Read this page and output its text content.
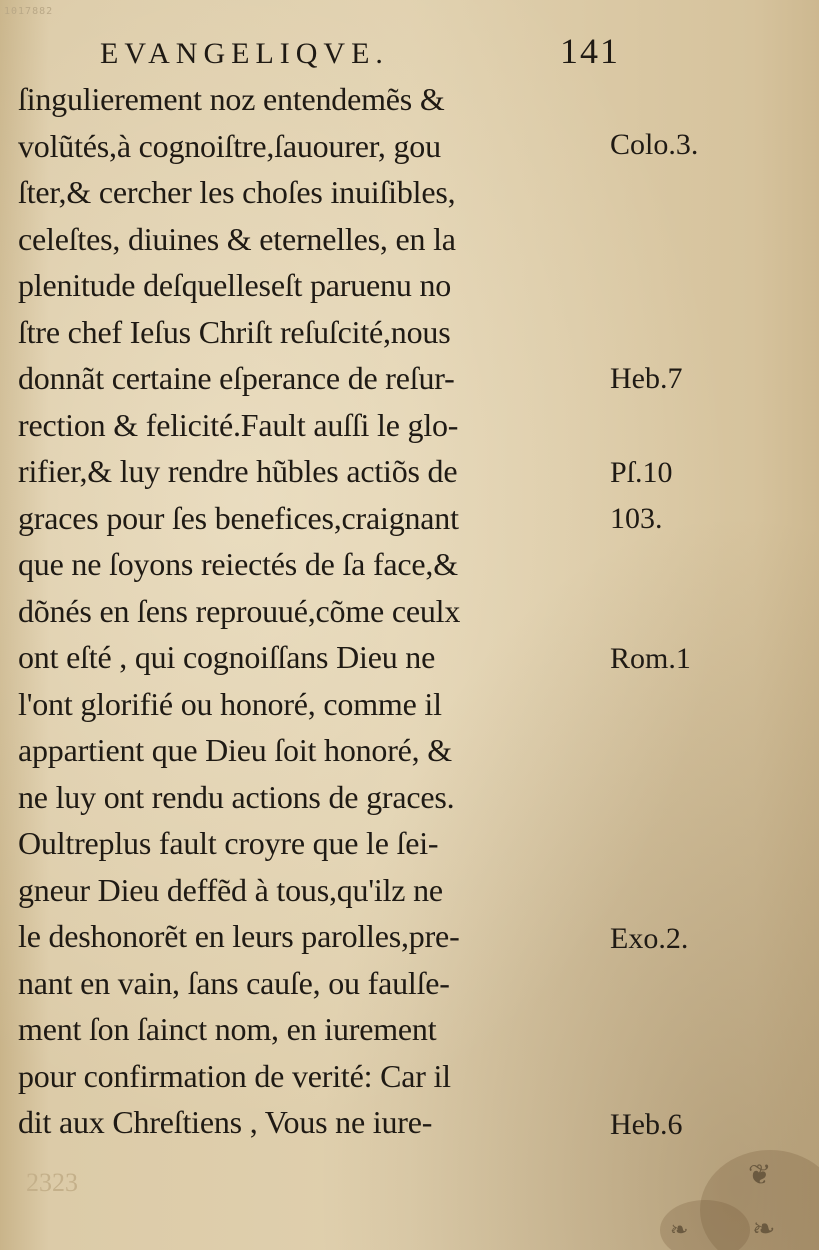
1017882
EVANGELIQVE.	141
ſingulierement noz entendemẽs &
volũtés,à cognoiſtre,ſauourer, gou
ſter,& cercher les choſes inuiſibles,
celeſtes, diuines & eternelles, en la
plenitude deſquelleseſt paruenu no
ſtre chef Ieſus Chriſt reſuſcité,nous
donnãt certaine eſperance de reſur-
rection & felicité.Fault auſſi le glo-
rifier,& luy rendre hũbles actiõs de
graces pour ſes benefices,craignant
que ne ſoyons reiectés de ſa face,&
dõnés en ſens reprouué,cõme ceulx
ont eſté , qui cognoiſſans Dieu ne
l'ont glorifié ou honoré, comme il
appartient que Dieu ſoit honoré, &
ne luy ont rendu actions de graces.
Oultreplus fault croyre que le ſei-
gneur Dieu deffẽd à tous,qu'ilz ne
le deshonorẽt en leurs parolles,pre-
nant en vain, ſans cauſe, ou faulſe-
ment ſon ſainct nom, en iurement
pour confirmation de verité: Car il
dit aux Chreſtiens , Vous ne iure-
Colo.3.
Heb.7
Pſ.10
103.
Rom.1
Exo.2.
Heb.6
2323	❦
❧
❧
